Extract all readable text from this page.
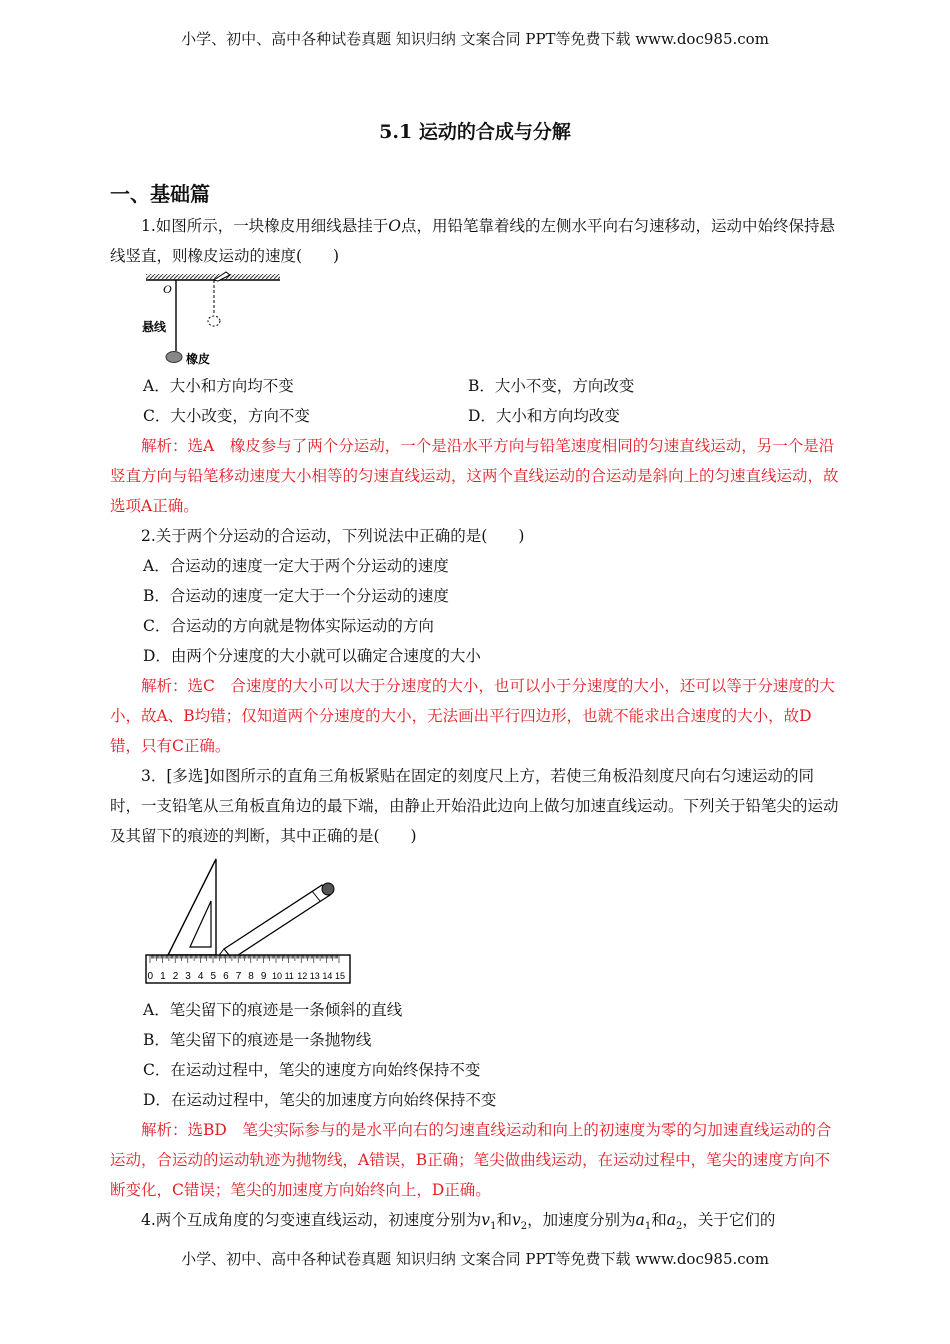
小学、初中、高中各种试卷真题 知识归纳 文案合同 PPT等免费下载 www.doc985.com
5.1 运动的合成与分解
一、基础篇

1.如图所示，一块橡皮用细线悬挂于O点，用铅笔靠着线的左侧水平向右匀速移动，运动中始终保持悬线竖直，则橡皮运动的速度(　　)

O
悬线
橡皮
A．大小和方向均不变	B．大小不变，方向改变
C．大小改变，方向不变	D．大小和方向均改变

解析：选A　橡皮参与了两个分运动，一个是沿水平方向与铅笔速度相同的匀速直线运动，另一个是沿竖直方向与铅笔移动速度大小相等的匀速直线运动，这两个直线运动的合运动是斜向上的匀速直线运动，故选项A正确。

2.关于两个分运动的合运动，下列说法中正确的是(　　)

A．合运动的速度一定大于两个分运动的速度

B．合运动的速度一定大于一个分运动的速度

C．合运动的方向就是物体实际运动的方向

D．由两个分速度的大小就可以确定合速度的大小

解析：选C　合速度的大小可以大于分速度的大小，也可以小于分速度的大小，还可以等于分速度的大小，故A、B均错；仅知道两个分速度的大小，无法画出平行四边形，也就不能求出合速度的大小，故D错，只有C正确。

3．[多选]如图所示的直角三角板紧贴在固定的刻度尺上方，若使三角板沿刻度尺向右匀速运动的同时，一支铅笔从三角板直角边的最下端，由静止开始沿此边向上做匀加速直线运动。下列关于铅笔尖的运动及其留下的痕迹的判断，其中正确的是(　　)

0 1 2 3 4 5 6 7 8 9 10 11 12 13 14 15

A．笔尖留下的痕迹是一条倾斜的直线

B．笔尖留下的痕迹是一条抛物线

C．在运动过程中，笔尖的速度方向始终保持不变

D．在运动过程中，笔尖的加速度方向始终保持不变

解析：选BD　笔尖实际参与的是水平向右的匀速直线运动和向上的初速度为零的匀加速直线运动的合运动，合运动的运动轨迹为抛物线，A错误，B正确；笔尖做曲线运动，在运动过程中，笔尖的速度方向不断变化，C错误；笔尖的加速度方向始终向上，D正确。

4.两个互成角度的匀变速直线运动，初速度分别为$v_1$和$v_2$，加速度分别为$a_1$和$a_2$，关于它们的

小学、初中、高中各种试卷真题 知识归纳 文案合同 PPT等免费下载 www.doc985.com
